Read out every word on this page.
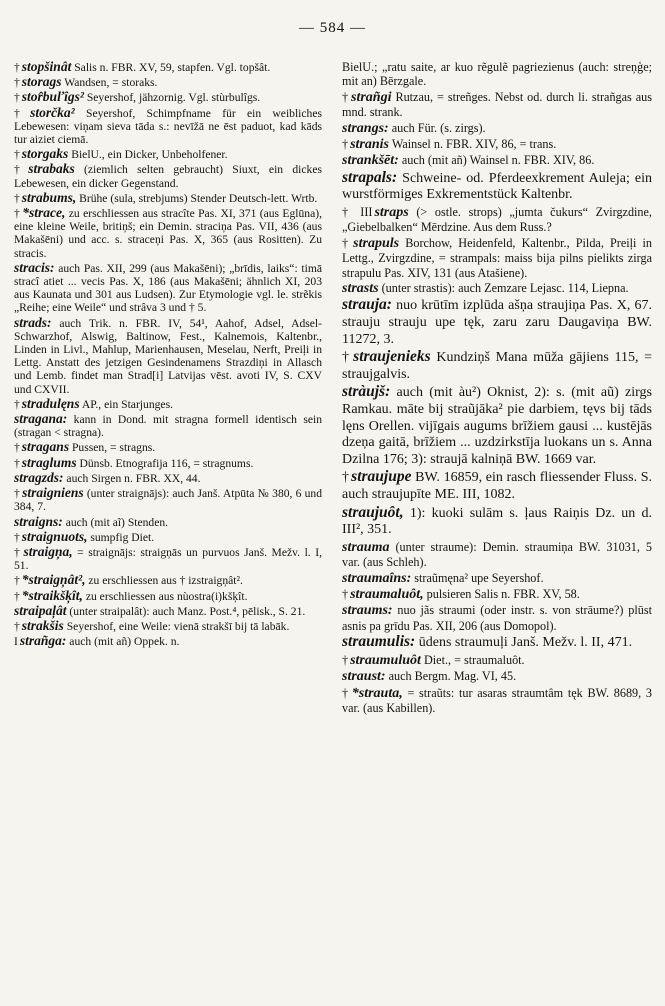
— 584 —

† stopšinât Salis n. FBR. XV, 59, stapfen. Vgl. topšât.

† storags Wandsen, = storaks.

† stor̂buľîgs² Seyershof, jähzornig. Vgl. stùrbulîgs.

† storčka² Seyershof, Schimpfname für ein weibliches Lebewesen: viņam sieva tāda s.: nevīžā ne ēst paduot, kad kāds tur aiziet ciemā.

† storgaks BielU., ein Dicker, Unbeholfener.

† strabaks (ziemlich selten gebraucht) Siuxt, ein dickes Lebewesen, ein dicker Gegenstand.

† strabums, Brühe (sula, strebjums) Stender Deutsch-lett. Wrtb.

† *strace, zu erschliessen aus stracîte Pas. XI, 371 (aus Eglūna), eine kleine Weile, britiņš; ein Demin. straciņa Pas. VII, 436 (aus Makašēni) und acc. s. straceņi Pas. X, 365 (aus Rositten). Zu stracis.

stracis: auch Pas. XII, 299 (aus Makašēni); „brīdis, laiks“: timā stracî atiet ... vecis Pas. X, 186 (aus Makašēni; ähnlich XI, 203 aus Kaunata und 301 aus Ludsen). Zur Etymologie vgl. le. strẽkis „Reihe; eine Weile“ und strâva 3 und † 5.

strads: auch Trik. n. FBR. IV, 54¹, Aahof, Adsel, Adsel-Schwarzhof, Alswig, Baltinow, Fest., Kalnemois, Kaltenbr., Linden in Livl., Mahlup, Marienhausen, Meselau, Nerft, Preiļi in Lettg. Anstatt des jetzigen Gesindenamens Strazdiņi in Allasch und Lemb. findet man Strad[i] Latvijas vēst. avoti IV, S. CXV und CXVII.

† stradulęns AP., ein Starjunges.

stragana: kann in Dond. mit stragna formell identisch sein (stragan < stragna).

† stragans Pussen, = stragns.

† straglums Dünsb. Etnografija 116, = stragnums.

stragzds: auch Sirgen n. FBR. XX, 44.

† straigniens (unter straignājs): auch Janš. Atpūta № 380, 6 und 384, 7.

straigns: auch (mit aĩ) Stenden.

† straignuots, sumpfig Diet.

† straigņa, = straignājs: straigņās un purvuos Janš. Mežv. l. I, 51.

† *straigņât², zu erschliessen aus † izstraigņât².

† *straikšķît, zu erschliessen aus nùostra(i)kšķît.

straipaļât (unter straipalât): auch Manz. Post.⁴, pēlisk., S. 21.

† strakšis Seyershof, eine Weile: vienā strakšī bij tā labāk.

I strañga: auch (mit añ) Oppek. n.

BielU.; „ratu saite, ar kuo rẽgulẽ pagriezienus (auch: streņģe; mit an) Bērzgale.

† strañgi Rutzau, = streñges. Nebst od. durch li. strañgas aus mnd. strank.

strangs: auch Für. (s. zirgs).

† stranis Wainsel n. FBR. XIV, 86, = trans.

strankšēt: auch (mit añ) Wainsel n. FBR. XIV, 86.

strapals: Schweine- od. Pferdeexkrement Auleja; ein wurstförmiges Exkrementstück Kaltenbr.

† III straps (> ostle. strops) „jumta čukurs“ Zvirgzdine, „Giebelbalken“ Mērdzine. Aus dem Russ.?

† strapuls Borchow, Heidenfeld, Kaltenbr., Pilda, Preiļi in Lettg., Zvirgzdine, = strampals: maiss bija pilns pielikts zirga strapulu Pas. XIV, 131 (aus Atašiene).

strasts (unter strastis): auch Zemzare Lejasc. 114, Liepna.

strauja: nuo krūtīm izplūda ašņa straujiņa Pas. X, 67. strauju strauju upe tęk, zaru zaru Daugaviņa BW. 11272, 3.

† straujenieks Kundziņš Mana mūža gājiens 115, = straujgalvis.

stràujš: auch (mit àu²) Oknist, 2): s. (mit aũ) zirgs Ramkau. māte bij straũjāka² pie darbiem, tęvs bij tāds lęns Orellen. vijīgais augums brīžiem gausi ... kustējās dzeņa gaitā, brīžiem ... uzdzirkstīja luokans un s. Anna Dzilna 176; 3): straujā kalniņā BW. 1669 var.

† straujupe BW. 16859, ein rasch fliessender Fluss. S. auch straujupīte ME. III, 1082.

straujuôt, 1): kuoki sulām s. ļaus Raiņis Dz. un d. III², 351.

strauma (unter straume): Demin. straumiņa BW. 31031, 5 var. (aus Schleh).

straumaîns: straũmęna² upe Seyershof.

† straumaluôt, pulsieren Salis n. FBR. XV, 58.

straums: nuo jãs straumi (oder instr. s. von strāume?) plūst asnis pa grīdu Pas. XII, 206 (aus Domopol).

straumulis: ūdens straumuļi Janš. Mežv. l. II, 471.

† straumuluôt Diet., = straumaluôt.

straust: auch Bergm. Mag. VI, 45.

† *strauta, = straũts: tur asaras straumtâm tęk BW. 8689, 3 var. (aus Kabillen).
